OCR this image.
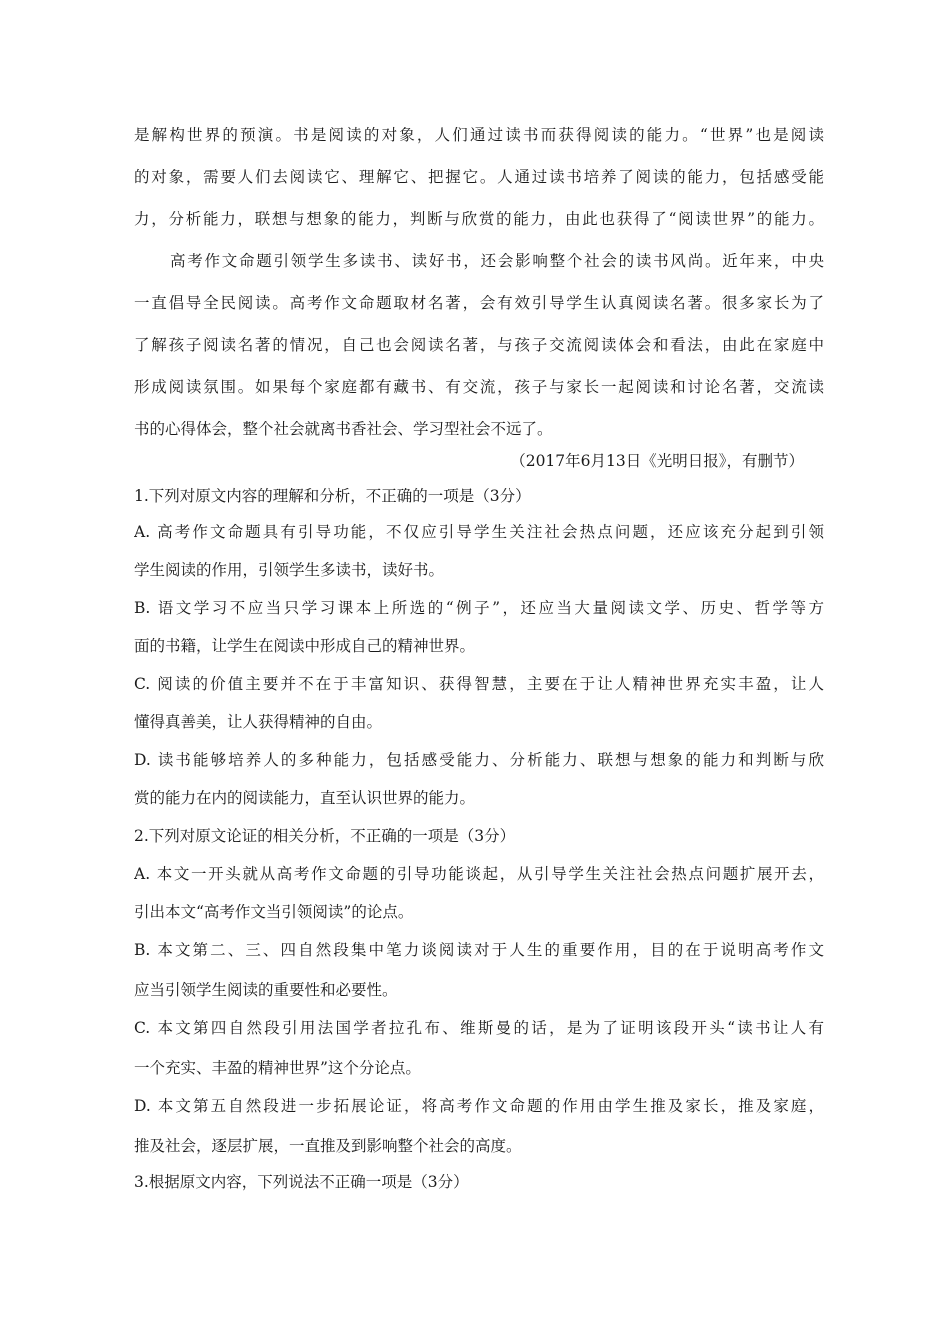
是解构世界的预演。书是阅读的对象，人们通过读书而获得阅读的能力。“世界”也是阅读
的对象，需要人们去阅读它、理解它、把握它。人通过读书培养了阅读的能力，包括感受能
力，分析能力，联想与想象的能力，判断与欣赏的能力，由此也获得了“阅读世界”的能力。
高考作文命题引领学生多读书、读好书，还会影响整个社会的读书风尚。近年来，中央
一直倡导全民阅读。高考作文命题取材名著，会有效引导学生认真阅读名著。很多家长为了
了解孩子阅读名著的情况，自己也会阅读名著，与孩子交流阅读体会和看法，由此在家庭中
形成阅读氛围。如果每个家庭都有藏书、有交流，孩子与家长一起阅读和讨论名著，交流读
书的心得体会，整个社会就离书香社会、学习型社会不远了。
（2017年6月13日《光明日报》，有删节）
1.下列对原文内容的理解和分析，不正确的一项是（3分）
A. 高考作文命题具有引导功能，不仅应引导学生关注社会热点问题，还应该充分起到引领
学生阅读的作用，引领学生多读书，读好书。
B. 语文学习不应当只学习课本上所选的“例子”，还应当大量阅读文学、历史、哲学等方
面的书籍，让学生在阅读中形成自己的精神世界。
C. 阅读的价值主要并不在于丰富知识、获得智慧，主要在于让人精神世界充实丰盈，让人
懂得真善美，让人获得精神的自由。
D. 读书能够培养人的多种能力，包括感受能力、分析能力、联想与想象的能力和判断与欣
赏的能力在内的阅读能力，直至认识世界的能力。
2.下列对原文论证的相关分析，不正确的一项是（3分）
A. 本文一开头就从高考作文命题的引导功能谈起，从引导学生关注社会热点问题扩展开去，
引出本文“高考作文当引领阅读”的论点。
B. 本文第二、三、四自然段集中笔力谈阅读对于人生的重要作用，目的在于说明高考作文
应当引领学生阅读的重要性和必要性。
C. 本文第四自然段引用法国学者拉孔布、维斯曼的话，是为了证明该段开头“读书让人有
一个充实、丰盈的精神世界”这个分论点。
D. 本文第五自然段进一步拓展论证，将高考作文命题的作用由学生推及家长，推及家庭，
推及社会，逐层扩展，一直推及到影响整个社会的高度。
3.根据原文内容，下列说法不正确一项是（3分）
